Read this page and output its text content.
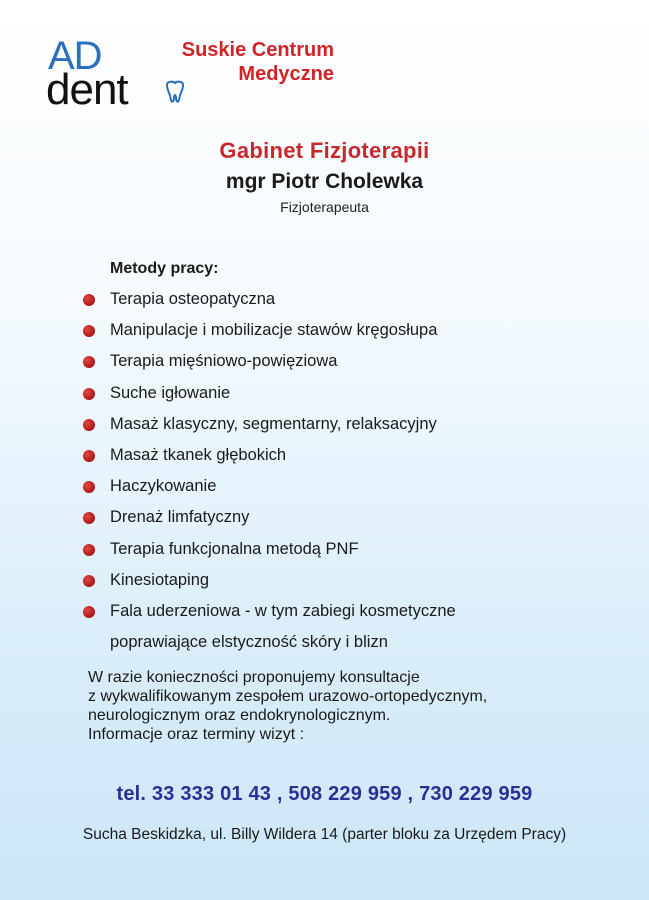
AD
dent
Suskie Centrum
Medyczne
Gabinet Fizjoterapii
mgr Piotr Cholewka
Fizjoterapeuta
Metody pracy:
Terapia osteopatyczna
Manipulacje i mobilizacje stawów kręgosłupa
Terapia mięśniowo-powięziowa
Suche igłowanie
Masaż klasyczny, segmentarny, relaksacyjny
Masaż tkanek głębokich
Haczykowanie
Drenaż limfatyczny
Terapia funkcjonalna metodą PNF
Kinesiotaping
Fala uderzeniowa - w tym zabiegi kosmetyczne
poprawiające elstyczność skóry i blizn
W razie konieczności proponujemy konsultacje
z wykwalifikowanym zespołem urazowo-ortopedycznym,
neurologicznym oraz endokrynologicznym.
Informacje oraz terminy wizyt :
tel. 33 333 01 43 , 508 229 959 , 730 229 959
Sucha Beskidzka, ul. Billy Wildera 14 (parter bloku za Urzędem Pracy)
